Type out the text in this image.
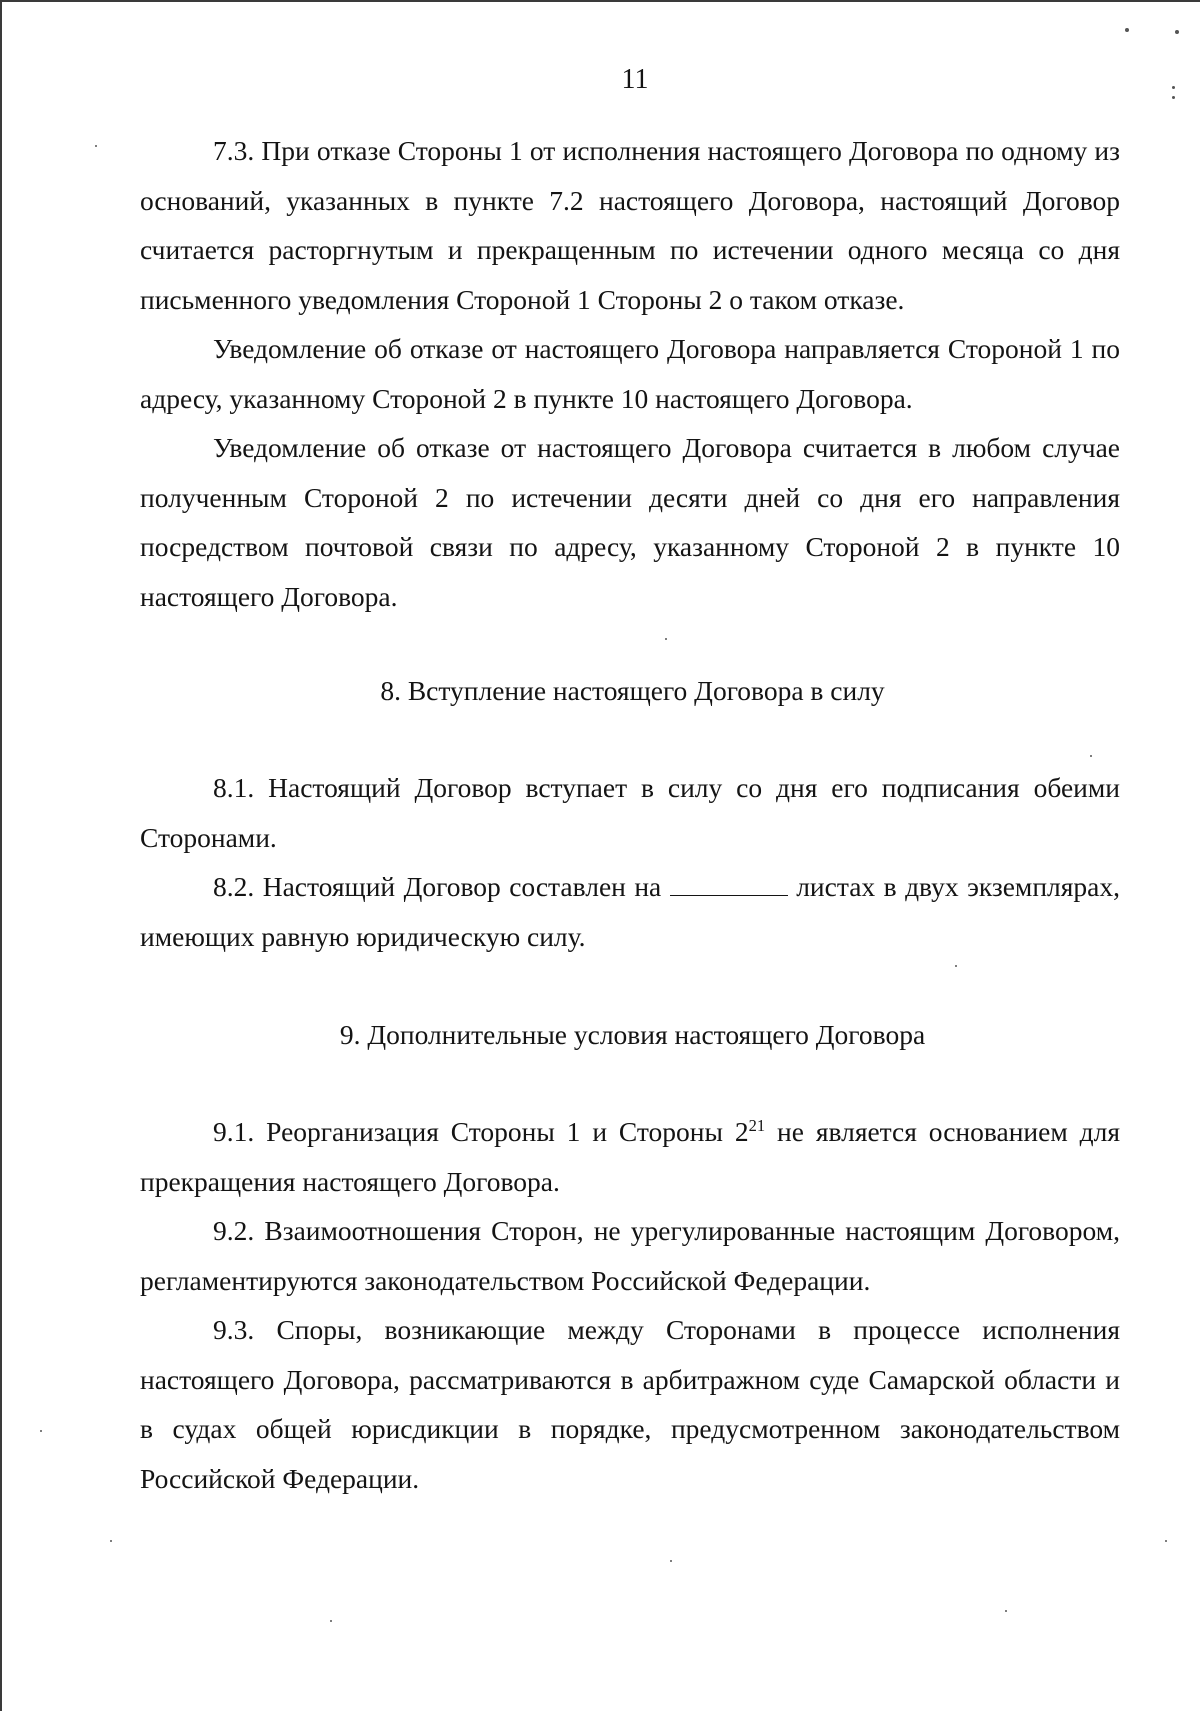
11

7.3. При отказе Стороны 1 от исполнения настоящего Договора по одному из оснований, указанных в пункте 7.2 настоящего Договора, настоящий Договор считается расторгнутым и прекращенным по истечении одного месяца со дня письменного уведомления Стороной 1 Стороны 2 о таком отказе.

Уведомление об отказе от настоящего Договора направляется Стороной 1 по адресу, указанному Стороной 2 в пункте 10 настоящего Договора.

Уведомление об отказе от настоящего Договора считается в любом случае полученным Стороной 2 по истечении десяти дней со дня его направления посредством почтовой связи по адресу, указанному Стороной 2 в пункте 10 настоящего Договора.

8. Вступление настоящего Договора в силу

8.1. Настоящий Договор вступает в силу со дня его подписания обеими Сторонами.

8.2. Настоящий Договор составлен на	листах в двух экземплярах, имеющих равную юридическую силу.

9. Дополнительные условия настоящего Договора

9.1. Реорганизация Стороны 1 и Стороны $2^{21}$ не является основанием для прекращения настоящего Договора.

9.2. Взаимоотношения Сторон, не урегулированные настоящим Договором, регламентируются законодательством Российской Федерации.

9.3. Споры, возникающие между Сторонами в процессе исполнения настоящего Договора, рассматриваются в арбитражном суде Самарской области и в судах общей юрисдикции в порядке, предусмотренном законодательством Российской Федерации.
